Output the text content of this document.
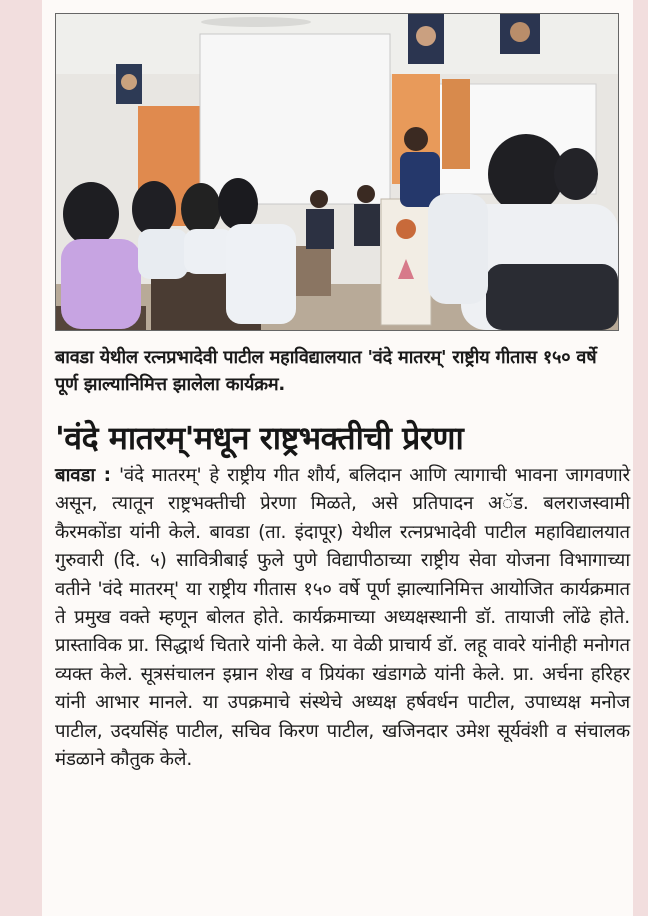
बावडा येथील रत्नप्रभादेवी पाटील महाविद्यालयात 'वंदे मातरम्' राष्ट्रीय गीतास १५० वर्षे पूर्ण झाल्यानिमित्त झालेला कार्यक्रम.

'वंदे मातरम्'मधून राष्ट्रभक्तीची प्रेरणा

बावडा : 'वंदे मातरम्' हे राष्ट्रीय गीत शौर्य, बलिदान आणि त्यागाची भावना जागवणारे असून, त्यातून राष्ट्रभक्तीची प्रेरणा मिळते, असे प्रतिपादन अॅड. बलराजस्वामी कैरमकोंडा यांनी केले. बावडा (ता. इंदापूर) येथील रत्नप्रभादेवी पाटील महाविद्यालयात गुरुवारी (दि. ५) सावित्रीबाई फुले पुणे विद्यापीठाच्या राष्ट्रीय सेवा योजना विभागाच्या वतीने 'वंदे मातरम्' या राष्ट्रीय गीतास १५० वर्षे पूर्ण झाल्यानिमित्त आयोजित कार्यक्रमात ते प्रमुख वक्ते म्हणून बोलत होते. कार्यक्रमाच्या अध्यक्षस्थानी डॉ. तायाजी लोंढे होते. प्रास्ताविक प्रा. सिद्धार्थ चितारे यांनी केले. या वेळी प्राचार्य डॉ. लहू वावरे यांनीही मनोगत व्यक्त केले. सूत्रसंचालन इम्रान शेख व प्रियंका खंडागळे यांनी केले. प्रा. अर्चना हरिहर यांनी आभार मानले. या उपक्रमाचे संस्थेचे अध्यक्ष हर्षवर्धन पाटील, उपाध्यक्ष मनोज पाटील, उदयसिंह पाटील, सचिव किरण पाटील, खजिनदार उमेश सूर्यवंशी व संचालक मंडळाने कौतुक केले.
